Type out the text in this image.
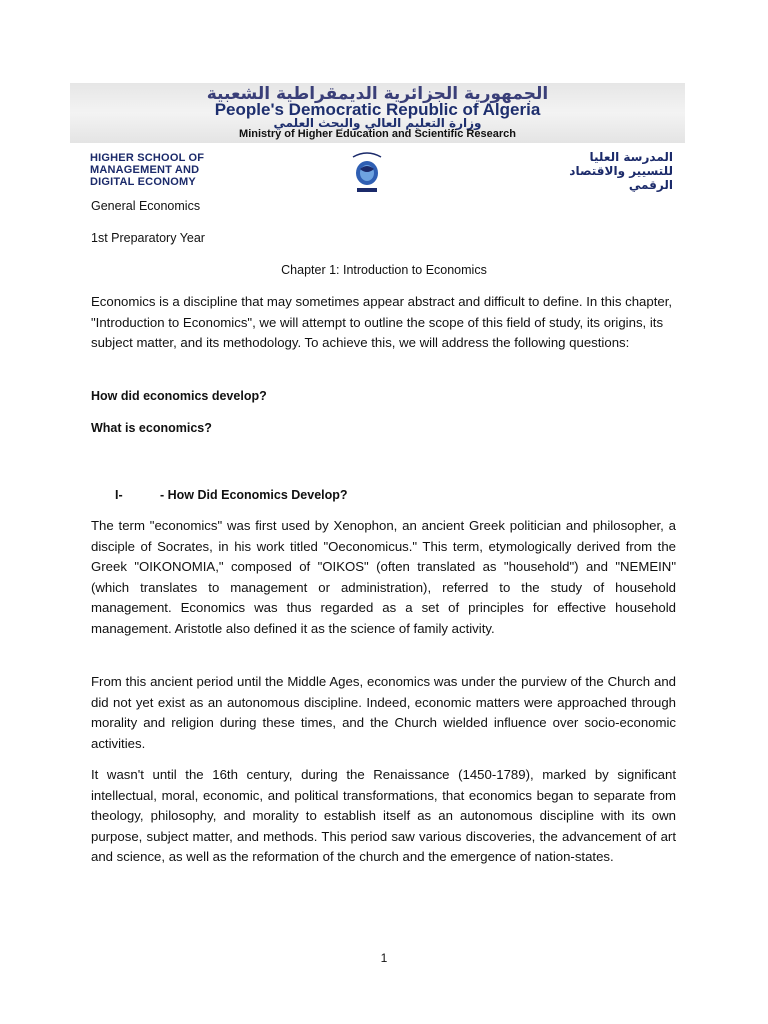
الجمهورية الجزائرية الديمقراطية الشعبية
People's Democratic Republic of Algeria
وزارة التعليم العالي والبحث العلمي
Ministry of Higher Education and Scientific Research
HIGHER SCHOOL OF
MANAGEMENT AND
DIGITAL ECONOMY
المدرسة العليا
للتسيير والاقتصاد
الرقمي
General Economics
1st Preparatory Year
Chapter 1: Introduction to Economics

Economics is a discipline that may sometimes appear abstract and difficult to define. In this chapter, "Introduction to Economics", we will attempt to outline the scope of this field of study, its origins, its subject matter, and its methodology. To achieve this, we will address the following questions:

How did economics develop?
What is economics?
I-	- How Did Economics Develop?

The term "economics" was first used by Xenophon, an ancient Greek politician and philosopher, a disciple of Socrates, in his work titled "Oeconomicus." This term, etymologically derived from the Greek "OIKONOMIA," composed of "OIKOS" (often translated as "household") and "NEMEIN" (which translates to management or administration), referred to the study of household management. Economics was thus regarded as a set of principles for effective household management. Aristotle also defined it as the science of family activity.

From this ancient period until the Middle Ages, economics was under the purview of the Church and did not yet exist as an autonomous discipline. Indeed, economic matters were approached through morality and religion during these times, and the Church wielded influence over socio-economic activities.

It wasn't until the 16th century, during the Renaissance (1450-1789), marked by significant intellectual, moral, economic, and political transformations, that economics began to separate from theology, philosophy, and morality to establish itself as an autonomous discipline with its own purpose, subject matter, and methods. This period saw various discoveries, the advancement of art and science, as well as the reformation of the church and the emergence of nation-states.

1
